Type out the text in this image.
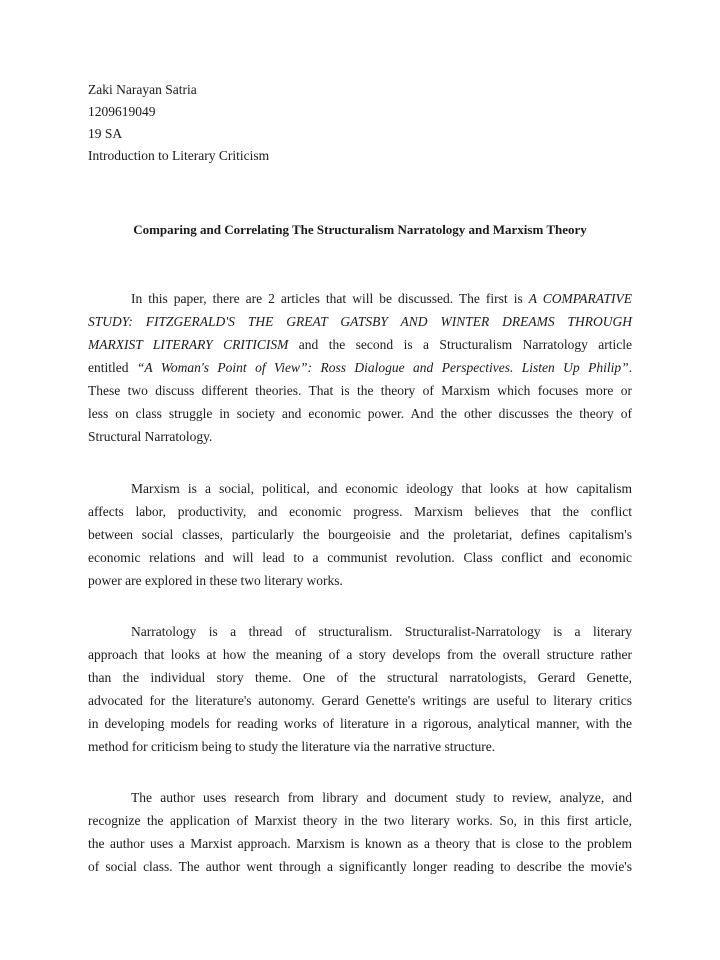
Zaki Narayan Satria
1209619049
19 SA
Introduction to Literary Criticism
Comparing and Correlating The Structuralism Narratology and Marxism Theory
In this paper, there are 2 articles that will be discussed. The first is A COMPARATIVE
STUDY: FITZGERALD'S THE GREAT GATSBY AND WINTER DREAMS THROUGH
MARXIST LITERARY CRITICISM and the second is a Structuralism Narratology article
entitled “A Woman's Point of View”: Ross Dialogue and Perspectives. Listen Up Philip”.
These two discuss different theories. That is the theory of Marxism which focuses more or
less on class struggle in society and economic power. And the other discusses the theory of
Structural Narratology.
Marxism is a social, political, and economic ideology that looks at how capitalism
affects labor, productivity, and economic progress. Marxism believes that the conflict
between social classes, particularly the bourgeoisie and the proletariat, defines capitalism's
economic relations and will lead to a communist revolution. Class conflict and economic
power are explored in these two literary works.
Narratology is a thread of structuralism. Structuralist-Narratology is a literary
approach that looks at how the meaning of a story develops from the overall structure rather
than the individual story theme. One of the structural narratologists, Gerard Genette,
advocated for the literature's autonomy. Gerard Genette's writings are useful to literary critics
in developing models for reading works of literature in a rigorous, analytical manner, with the
method for criticism being to study the literature via the narrative structure.
The author uses research from library and document study to review, analyze, and
recognize the application of Marxist theory in the two literary works. So, in this first article,
the author uses a Marxist approach. Marxism is known as a theory that is close to the problem
of social class. The author went through a significantly longer reading to describe the movie's
